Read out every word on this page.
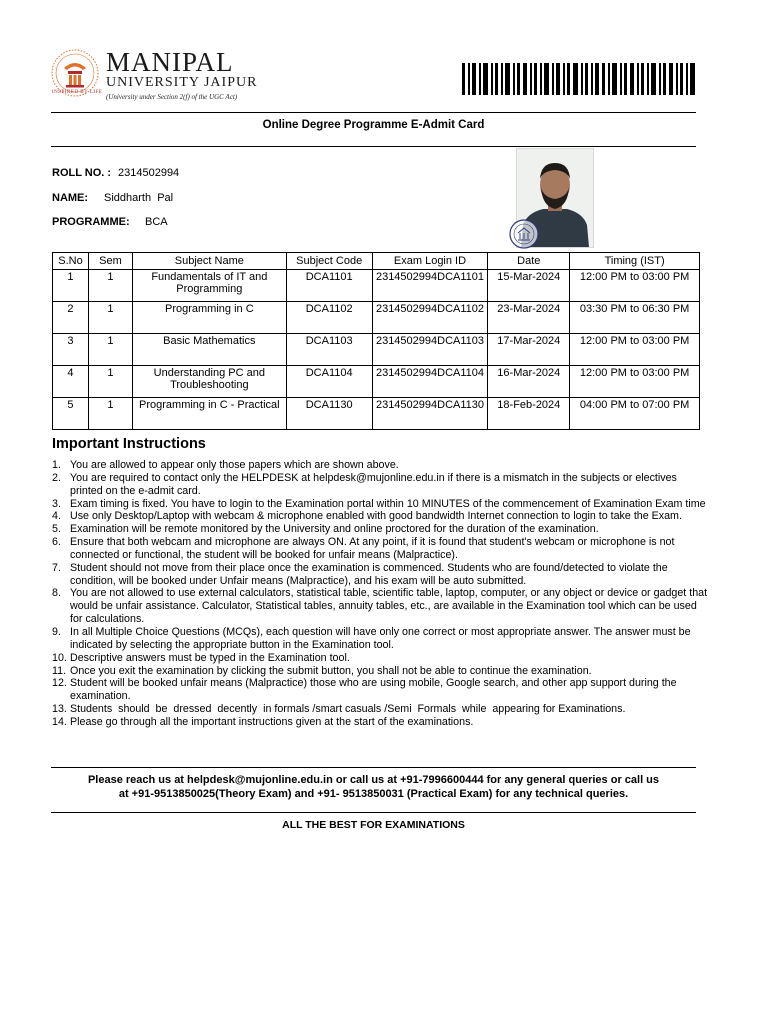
INSPIRED BY LIFE
MANIPAL
UNIVERSITY JAIPUR
(University under Section 2(f) of the UGC Act)
Online Degree Programme E-Admit Card
ROLL NO. : 2314502994
NAME: Siddharth  Pal
PROGRAMME: BCA
S.No	Sem	Subject Name	Subject Code	Exam Login ID	Date	Timing (IST)
1	1	Fundamentals of IT and Programming	DCA1101	2314502994DCA1101	15-Mar-2024	12:00 PM to 03:00 PM
2	1	Programming in C	DCA1102	2314502994DCA1102	23-Mar-2024	03:30 PM to 06:30 PM
3	1	Basic Mathematics	DCA1103	2314502994DCA1103	17-Mar-2024	12:00 PM to 03:00 PM
4	1	Understanding PC and Troubleshooting	DCA1104	2314502994DCA1104	16-Mar-2024	12:00 PM to 03:00 PM
5	1	Programming in C - Practical	DCA1130	2314502994DCA1130	18-Feb-2024	04:00 PM to 07:00 PM
Important Instructions
1. You are allowed to appear only those papers which are shown above.
2. You are required to contact only the HELPDESK at helpdesk@mujonline.edu.in if there is a mismatch in the subjects or electives printed on the e-admit card.
3. Exam timing is fixed. You have to login to the Examination portal within 10 MINUTES of the commencement of Examination Exam time
4. Use only Desktop/Laptop with webcam & microphone enabled with good bandwidth Internet connection to login to take the Exam.
5. Examination will be remote monitored by the University and online proctored for the duration of the examination.
6. Ensure that both webcam and microphone are always ON. At any point, if it is found that student's webcam or microphone is not connected or functional, the student will be booked for unfair means (Malpractice).
7. Student should not move from their place once the examination is commenced. Students who are found/detected to violate the condition, will be booked under Unfair means (Malpractice), and his exam will be auto submitted.
8. You are not allowed to use external calculators, statistical table, scientific table, laptop, computer, or any object or device or gadget that would be unfair assistance. Calculator, Statistical tables, annuity tables, etc., are available in the Examination tool which can be used for calculations.
9. In all Multiple Choice Questions (MCQs), each question will have only one correct or most appropriate answer. The answer must be indicated by selecting the appropriate button in the Examination tool.
10. Descriptive answers must be typed in the Examination tool.
11. Once you exit the examination by clicking the submit button, you shall not be able to continue the examination.
12. Student will be booked unfair means (Malpractice) those who are using mobile, Google search, and other app support during the examination.
13. Students  should  be  dressed  decently  in formals /smart casuals /Semi  Formals  while  appearing for Examinations.
14. Please go through all the important instructions given at the start of the examinations.
Please reach us at helpdesk@mujonline.edu.in or call us at +91-7996600444 for any general queries or call us
at +91-9513850025(Theory Exam) and +91- 9513850031 (Practical Exam) for any technical queries.
ALL THE BEST FOR EXAMINATIONS
